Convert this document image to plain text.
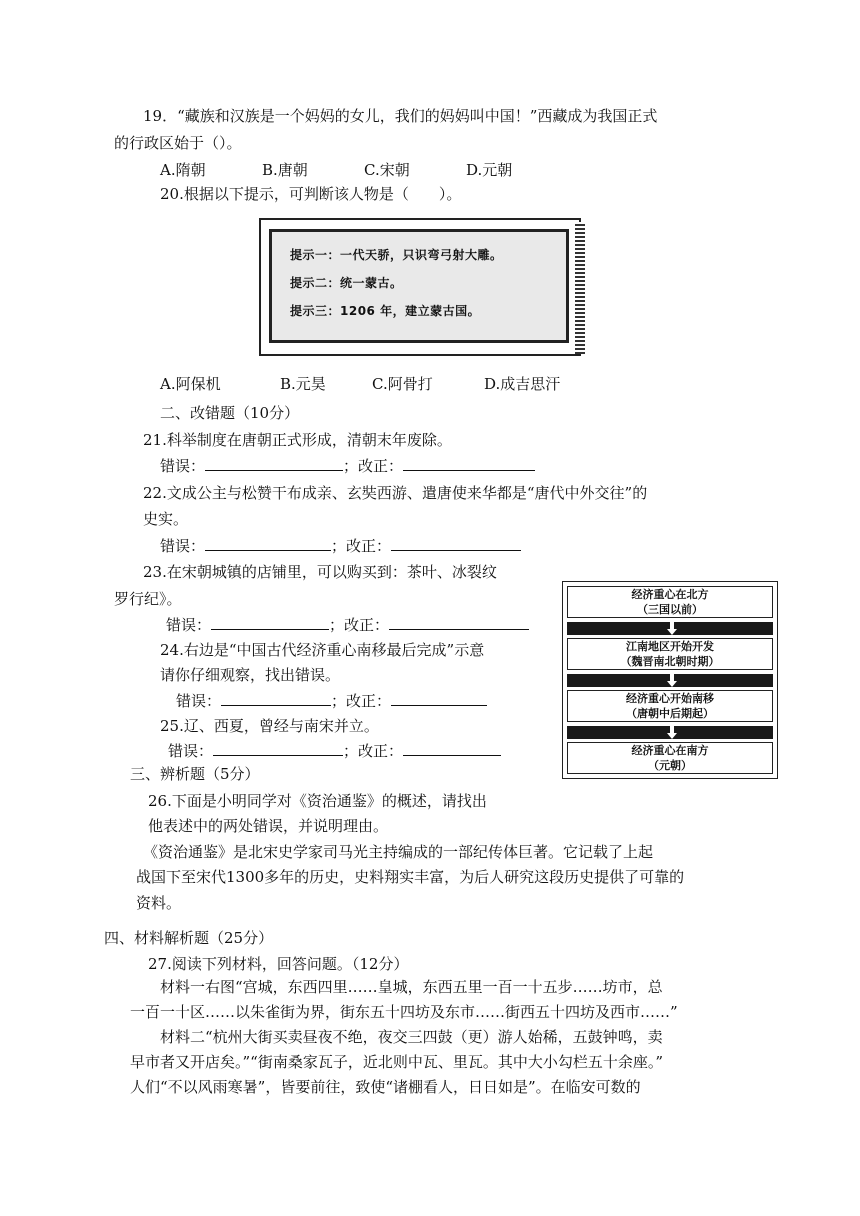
19．“藏族和汉族是一个妈妈的女儿，我们的妈妈叫中国！”西藏成为我国正式
的行政区始于（）。
A.隋朝	B.唐朝	C.宋朝	D.元朝
20.根据以下提示，可判断该人物是（　　）。
提示一：一代天骄，只识弯弓射大雕。
提示二：统一蒙古。
提示三：1206 年，建立蒙古国。
A.阿保机	B.元昊	C.阿骨打	D.成吉思汗
二、改错题（10分）
21.科举制度在唐朝正式形成，清朝末年废除。
错误：	；改正：
22.文成公主与松赞干布成亲、玄奘西游、遣唐使来华都是“唐代中外交往”的
史实。
错误：	；改正：
23.在宋朝城镇的店铺里，可以购买到：茶叶、冰裂纹
罗行纪》。
错误：	；改正：
24.右边是“中国古代经济重心南移最后完成”示意
请你仔细观察，找出错误。
错误：	；改正：
25.辽、西夏，曾经与南宋并立。
错误：	；改正：
经济重心在北方
（三国以前）
江南地区开始开发
（魏晋南北朝时期）
经济重心开始南移
（唐朝中后期起）
经济重心在南方
（元朝）
三、辨析题（5分）
26.下面是小明同学对《资治通鉴》的概述，请找出
他表述中的两处错误，并说明理由。
《资治通鉴》是北宋史学家司马光主持编成的一部纪传体巨著。它记载了上起
战国下至宋代1300多年的历史，史料翔实丰富，为后人研究这段历史提供了可靠的
资料。
四、材料解析题（25分）
27.阅读下列材料，回答问题。（12分）
材料一右图“宫城，东西四里……皇城，东西五里一百一十五步……坊市，总
一百一十区……以朱雀街为界，街东五十四坊及东市……街西五十四坊及西市……”
材料二“杭州大街买卖昼夜不绝，夜交三四鼓（更）游人始稀，五鼓钟鸣，卖
早市者又开店矣。”“街南桑家瓦子，近北则中瓦、里瓦。其中大小勾栏五十余座。”
人们“不以风雨寒暑”，皆要前往，致使“诸棚看人，日日如是”。在临安可数的
